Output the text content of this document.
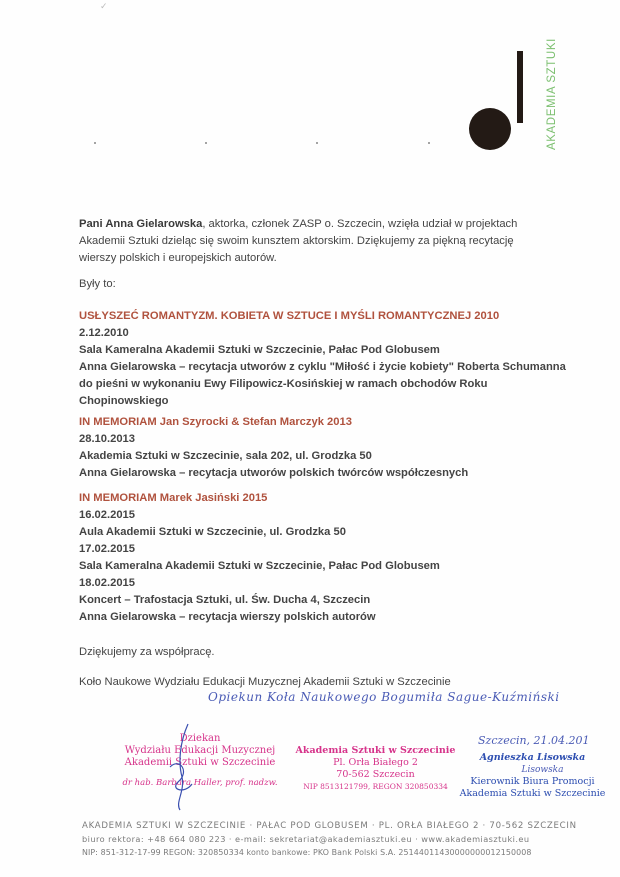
AKADEMIA SZTUKI
✓
Pani Anna Gielarowska, aktorka, członek ZASP o. Szczecin, wzięła udział w projektach
Akademii Sztuki dzieląc się swoim kunsztem aktorskim. Dziękujemy za piękną recytację
wierszy polskich i europejskich autorów.
Były to:
USŁYSZEĆ ROMANTYZM. KOBIETA W SZTUCE I MYŚLI ROMANTYCZNEJ 2010
2.12.2010
Sala Kameralna Akademii Sztuki w Szczecinie, Pałac Pod Globusem
Anna Gielarowska – recytacja utworów z cyklu "Miłość i życie kobiety" Roberta Schumanna
do pieśni w wykonaniu Ewy Filipowicz-Kosińskiej w ramach obchodów Roku
Chopinowskiego
IN MEMORIAM Jan Szyrocki & Stefan Marczyk 2013
28.10.2013
Akademia Sztuki w Szczecinie, sala 202, ul. Grodzka 50
Anna Gielarowska – recytacja utworów polskich twórców współczesnych
IN MEMORIAM Marek Jasiński 2015
16.02.2015
Aula Akademii Sztuki w Szczecinie, ul. Grodzka 50
17.02.2015
Sala Kameralna Akademii Sztuki w Szczecinie, Pałac Pod Globusem
18.02.2015
Koncert – Trafostacja Sztuki, ul. Św. Ducha 4, Szczecin
Anna Gielarowska – recytacja wierszy polskich autorów
Dziękujemy za współpracę.
Koło Naukowe Wydziału Edukacji Muzycznej Akademii Sztuki w Szczecinie
Opiekun Koła Naukowego Bogumiła Sague-Kuźmiński
Dziekan
Wydziału Edukacji Muzycznej
Akademii Sztuki w Szczecinie
dr hab. Barbara Haller, prof. nadzw.
Akademia Sztuki w Szczecinie
Pl. Orła Białego 2
70-562 Szczecin
NIP 8513121799, REGON 320850334
Szczecin, 21.04.201
Agnieszka Lisowska
Lisowska
Kierownik Biura Promocji
Akademia Sztuki w Szczecinie
AKADEMIA SZTUKI W SZCZECINIE · PAŁAC POD GLOBUSEM · PL. ORŁA BIAŁEGO 2 · 70-562 SZCZECIN
biuro rektora: +48 664 080 223 · e-mail: sekretariat@akademiasztuki.eu · www.akademiasztuki.eu
NIP: 851-312-17-99 REGON: 320850334 konto bankowe: PKO Bank Polski S.A. 25144011430000000012150008
